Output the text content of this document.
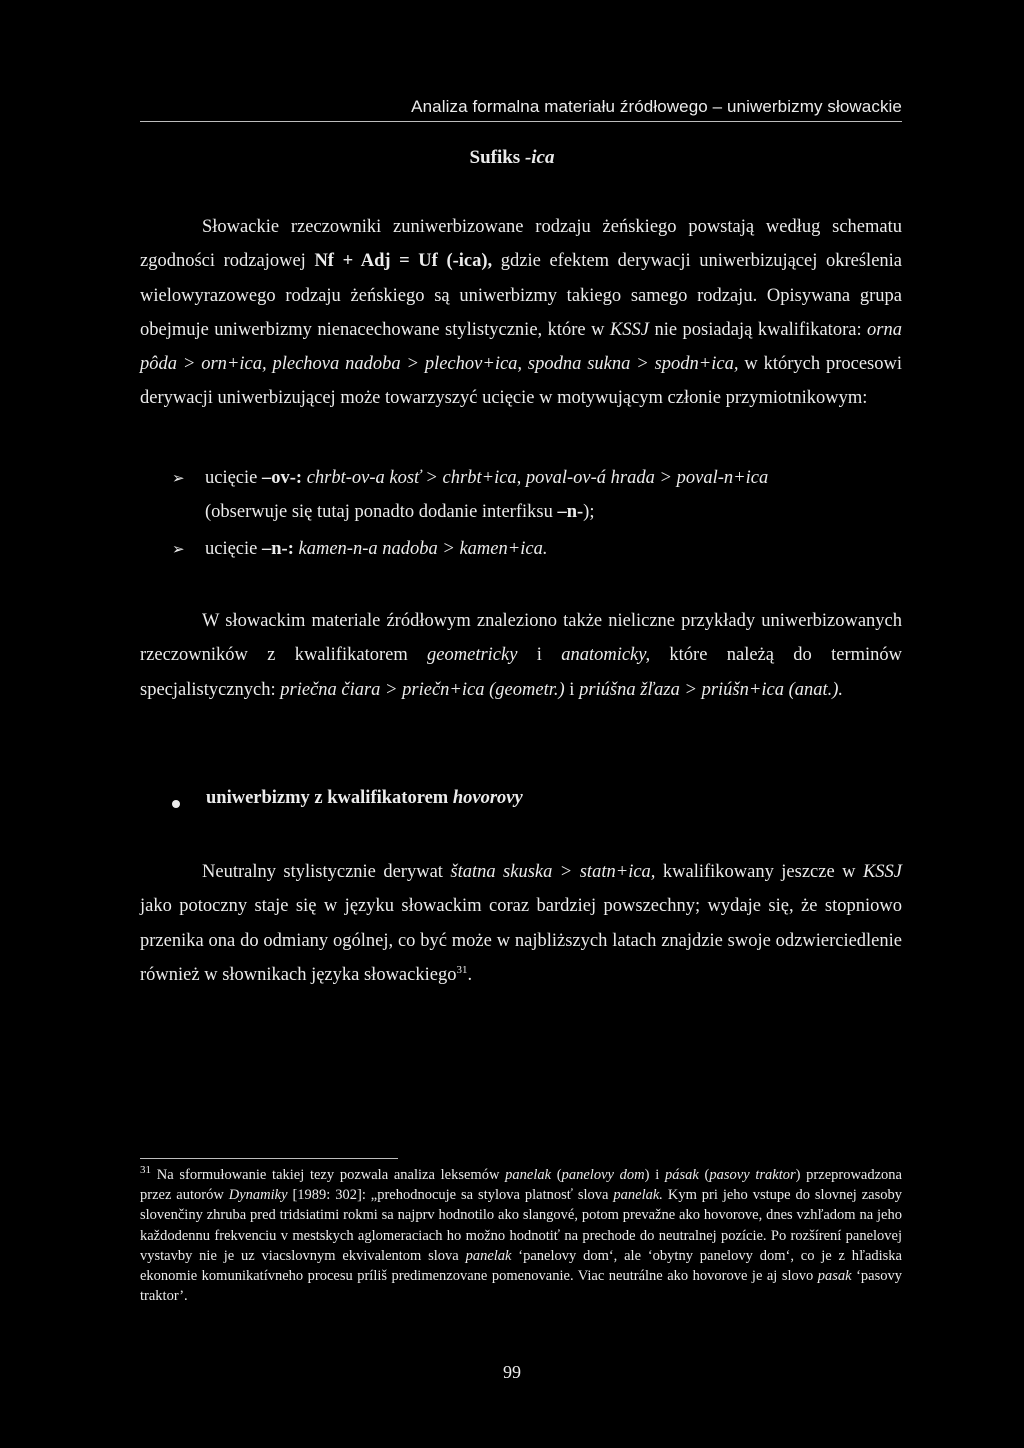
Analiza formalna materiału źródłowego – uniwerbizmy słowackie
Sufiks -ica
Słowackie rzeczowniki zuniwerbizowane rodzaju żeńskiego powstają według schematu zgodności rodzajowej Nf + Adj = Uf (-ica), gdzie efektem derywacji uniwerbizującej określenia wielowyrazowego rodzaju żeńskiego są uniwerbizmy takiego samego rodzaju. Opisywana grupa obejmuje uniwerbizmy nienacechowane stylistycznie, które w KSSJ nie posiadają kwalifikatora: orna pôda > orn+ica, plechova nadoba > plechov+ica, spodna sukna > spodn+ica, w których procesowi derywacji uniwerbizującej może towarzyszyć ucięcie w motywującym członie przymiotnikowym:
➢ ucięcie –ov-: chrbt-ov-a kosť > chrbt+ica, poval-ov-á hrada > poval-n+ica
(obserwuje się tutaj ponadto dodanie interfiksu –n-);
➢ ucięcie –n-: kamen-n-a nadoba > kamen+ica.
W słowackim materiale źródłowym znaleziono także nieliczne przykłady uniwerbizowanych rzeczowników z kwalifikatorem geometricky i anatomicky, które należą do terminów specjalistycznych: priečna čiara > priečn+ica (geometr.) i priúšna žľaza > priúšn+ica (anat.).
uniwerbizmy z kwalifikatorem hovorovy
Neutralny stylistycznie derywat štatna skuska > statn+ica, kwalifikowany jeszcze w KSSJ jako potoczny staje się w języku słowackim coraz bardziej powszechny; wydaje się, że stopniowo przenika ona do odmiany ogólnej, co być może w najbliższych latach znajdzie swoje odzwierciedlenie również w słownikach języka słowackiego$^{31}$.
$^{31}$ Na sformułowanie takiej tezy pozwala analiza leksemów panelak (panelovy dom) i pásak (pasovy traktor) przeprowadzona przez autorów Dynamiky [1989: 302]: „prehodnocuje sa stylova platnosť slova panelak. Kym pri jeho vstupe do slovnej zasoby slovenčiny zhruba pred tridsiatimi rokmi sa najprv hodnotilo ako slangové, potom prevažne ako hovorove, dnes vzhľadom na jeho každodennu frekvenciu v mestskych aglomeraciach ho možno hodnotiť na prechode do neutralnej pozície. Po rozšírení panelovej vystavby nie je uz viacslovnym ekvivalentom slova panelak ‘panelovy dom‘, ale ‘obytny panelovy dom‘, co je z hľadiska ekonomie komunikatívneho procesu príliš predimenzovane pomenovanie. Viac neutrálne ako hovorove je aj slovo pasak ‘pasovy traktor’.
99
